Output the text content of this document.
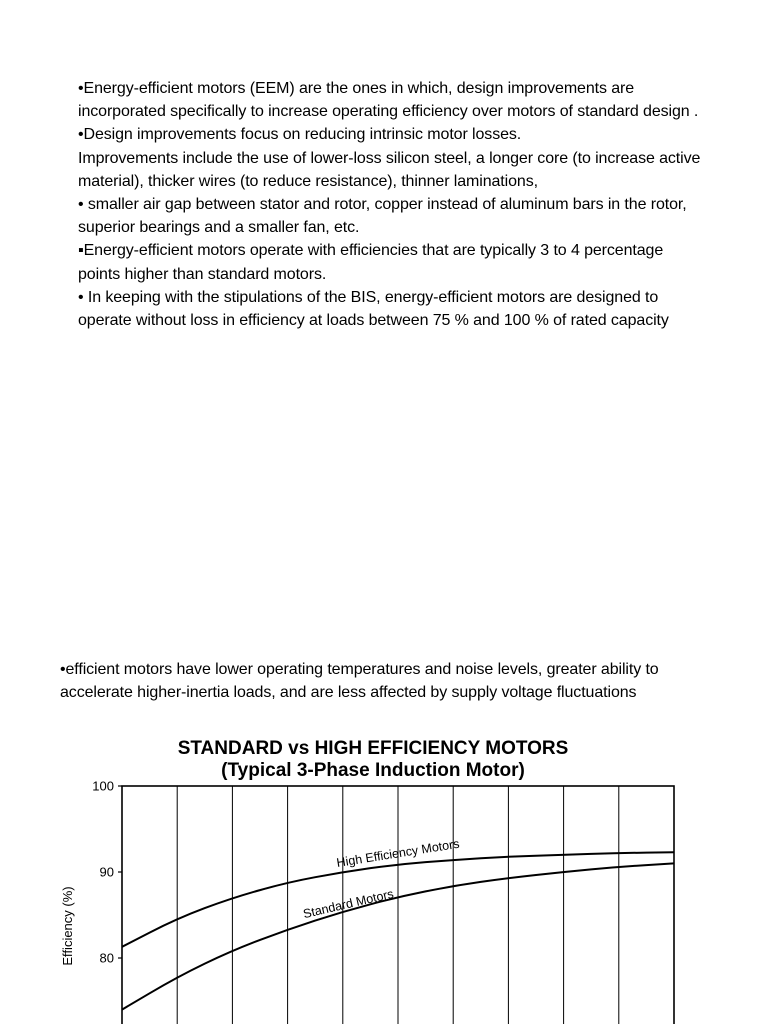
•Energy-efficient motors (EEM) are the ones in which, design improvements are incorporated specifically to increase operating efficiency over motors of standard design .

•Design improvements focus on reducing intrinsic motor losses.

Improvements include the use of lower-loss silicon steel, a longer core (to increase active material), thicker wires (to reduce resistance), thinner laminations,

• smaller air gap between stator and rotor, copper instead of aluminum bars in the rotor, superior bearings and a smaller fan, etc.

▪Energy-efficient motors operate with efficiencies that are typically 3 to 4 percentage points higher than standard motors.

• In keeping with the stipulations of the BIS, energy-efficient motors are designed to operate without loss in efficiency at loads between 75 % and 100 % of rated capacity

•efficient motors have lower operating temperatures and noise levels, greater ability to accelerate higher-inertia loads, and are less affected by supply voltage fluctuations

STANDARD vs HIGH EFFICIENCY MOTORS
(Typical 3-Phase Induction Motor)
Efficiency (%)
100
90
80
High Efficiency Motors
Standard Motors
